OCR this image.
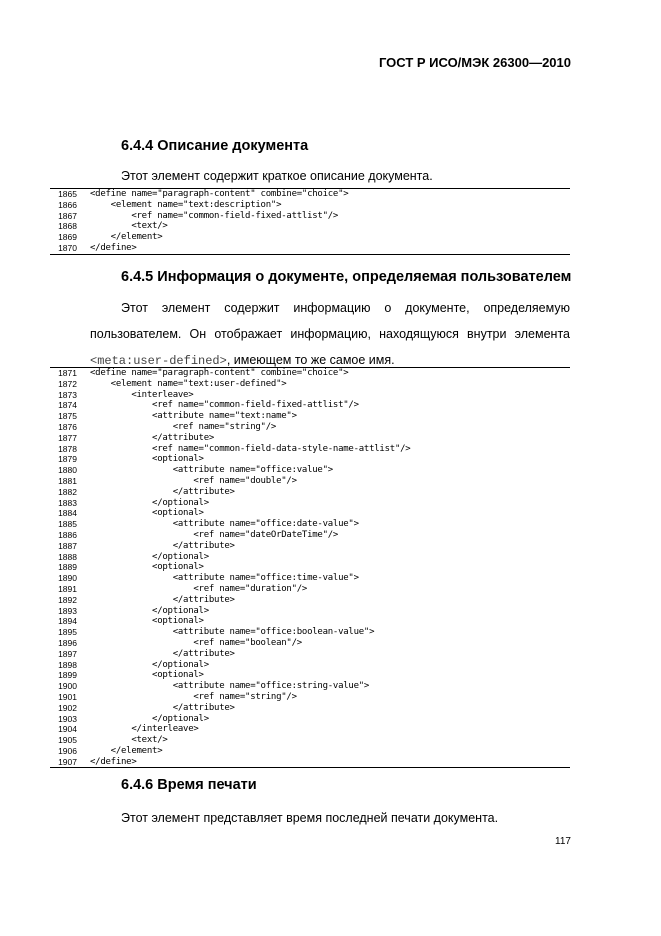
ГОСТ Р ИСО/МЭК 26300—2010
6.4.4 Описание документа
Этот элемент содержит краткое описание документа.
1865 <define name="paragraph-content" combine="choice">
1866 <element name="text:description">
1867 <ref name="common-field-fixed-attlist"/>
1868 <text/>
1869 </element>
1870 </define>
6.4.5 Информация о документе, определяемая пользователем
Этот элемент содержит информацию о документе, определяемую
пользователем. Он отображает информацию, находящуюся внутри элемента
<meta:user-defined>, имеющем то же самое имя.
1871 <define name="paragraph-content" combine="choice">
1872 <element name="text:user-defined">
1873 <interleave>
1874 <ref name="common-field-fixed-attlist"/>
1875 <attribute name="text:name">
1876 <ref name="string"/>
1877 </attribute>
1878 <ref name="common-field-data-style-name-attlist"/>
1879 <optional>
1880 <attribute name="office:value">
1881 <ref name="double"/>
1882 </attribute>
1883 </optional>
1884 <optional>
1885 <attribute name="office:date-value">
1886 <ref name="dateOrDateTime"/>
1887 </attribute>
1888 </optional>
1889 <optional>
1890 <attribute name="office:time-value">
1891 <ref name="duration"/>
1892 </attribute>
1893 </optional>
1894 <optional>
1895 <attribute name="office:boolean-value">
1896 <ref name="boolean"/>
1897 </attribute>
1898 </optional>
1899 <optional>
1900 <attribute name="office:string-value">
1901 <ref name="string"/>
1902 </attribute>
1903 </optional>
1904 </interleave>
1905 <text/>
1906 </element>
1907 </define>
6.4.6 Время печати
Этот элемент представляет время последней печати документа.
117
